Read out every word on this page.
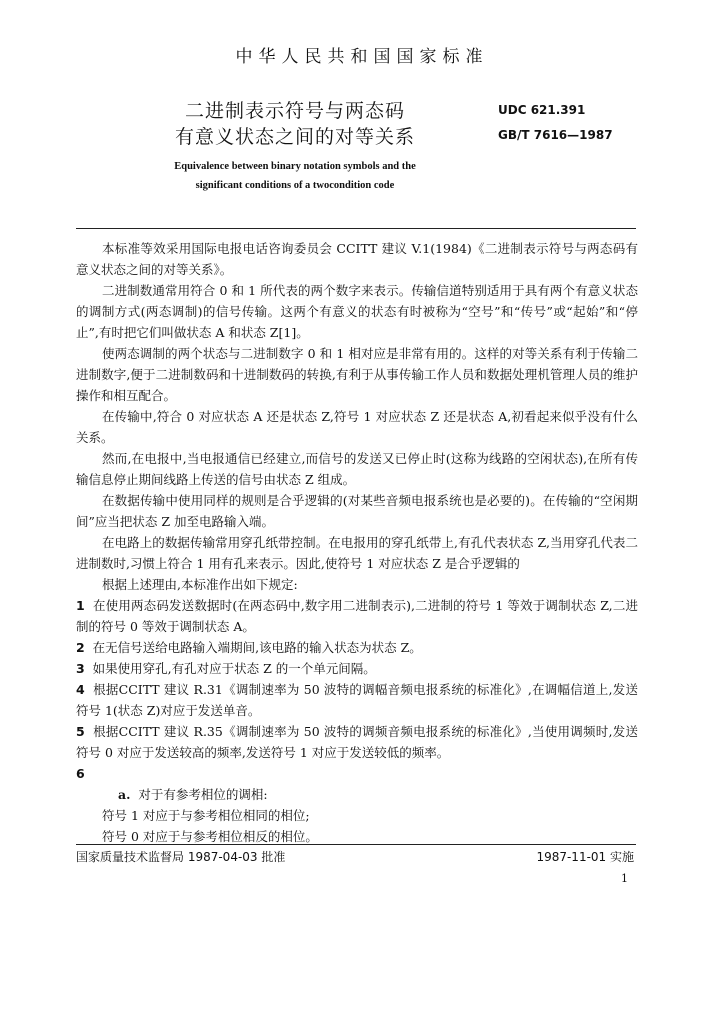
中华人民共和国国家标准
二进制表示符号与两态码
有意义状态之间的对等关系
UDC 621.391
GB/T 7616—1987
Equivalence between binary notation symbols and the
significant conditions of a twocondition code

本标准等效采用国际电报电话咨询委员会 CCITT 建议 V.1(1984)《二进制表示符号与两态码有意义状态之间的对等关系》。

二进制数通常用符合 0 和 1 所代表的两个数字来表示。传输信道特别适用于具有两个有意义状态的调制方式(两态调制)的信号传输。这两个有意义的状态有时被称为“空号”和“传号”或“起始”和“停止”,有时把它们叫做状态 A 和状态 Z[1]。

使两态调制的两个状态与二进制数字 0 和 1 相对应是非常有用的。这样的对等关系有利于传输二进制数字,便于二进制数码和十进制数码的转换,有利于从事传输工作人员和数据处理机管理人员的维护操作和相互配合。

在传输中,符合 0 对应状态 A 还是状态 Z,符号 1 对应状态 Z 还是状态 A,初看起来似乎没有什么关系。

然而,在电报中,当电报通信已经建立,而信号的发送又已停止时(这称为线路的空闲状态),在所有传输信息停止期间线路上传送的信号由状态 Z 组成。

在数据传输中使用同样的规则是合乎逻辑的(对某些音频电报系统也是必要的)。在传输的“空闲期间”应当把状态 Z 加至电路输入端。

在电路上的数据传输常用穿孔纸带控制。在电报用的穿孔纸带上,有孔代表状态 Z,当用穿孔代表二进制数时,习惯上符合 1 用有孔来表示。因此,使符号 1 对应状态 Z 是合乎逻辑的

根据上述理由,本标准作出如下规定:

1 在使用两态码发送数据时(在两态码中,数字用二进制表示),二进制的符号 1 等效于调制状态 Z,二进制的符号 0 等效于调制状态 A。

2 在无信号送给电路输入端期间,该电路的输入状态为状态 Z。

3 如果使用穿孔,有孔对应于状态 Z 的一个单元间隔。

4 根据CCITT 建议 R.31《调制速率为 50 波特的调幅音频电报系统的标准化》,在调幅信道上,发送符号 1(状态 Z)对应于发送单音。

5 根据CCITT 建议 R.35《调制速率为 50 波特的调频音频电报系统的标准化》,当使用调频时,发送符号 0 对应于发送较高的频率,发送符号 1 对应于发送较低的频率。

6

a. 对于有参考相位的调相:

符号 1 对应于与参考相位相同的相位;

符号 0 对应于与参考相位相反的相位。

国家质量技术监督局 1987-04-03 批准	1987-11-01 实施
1
